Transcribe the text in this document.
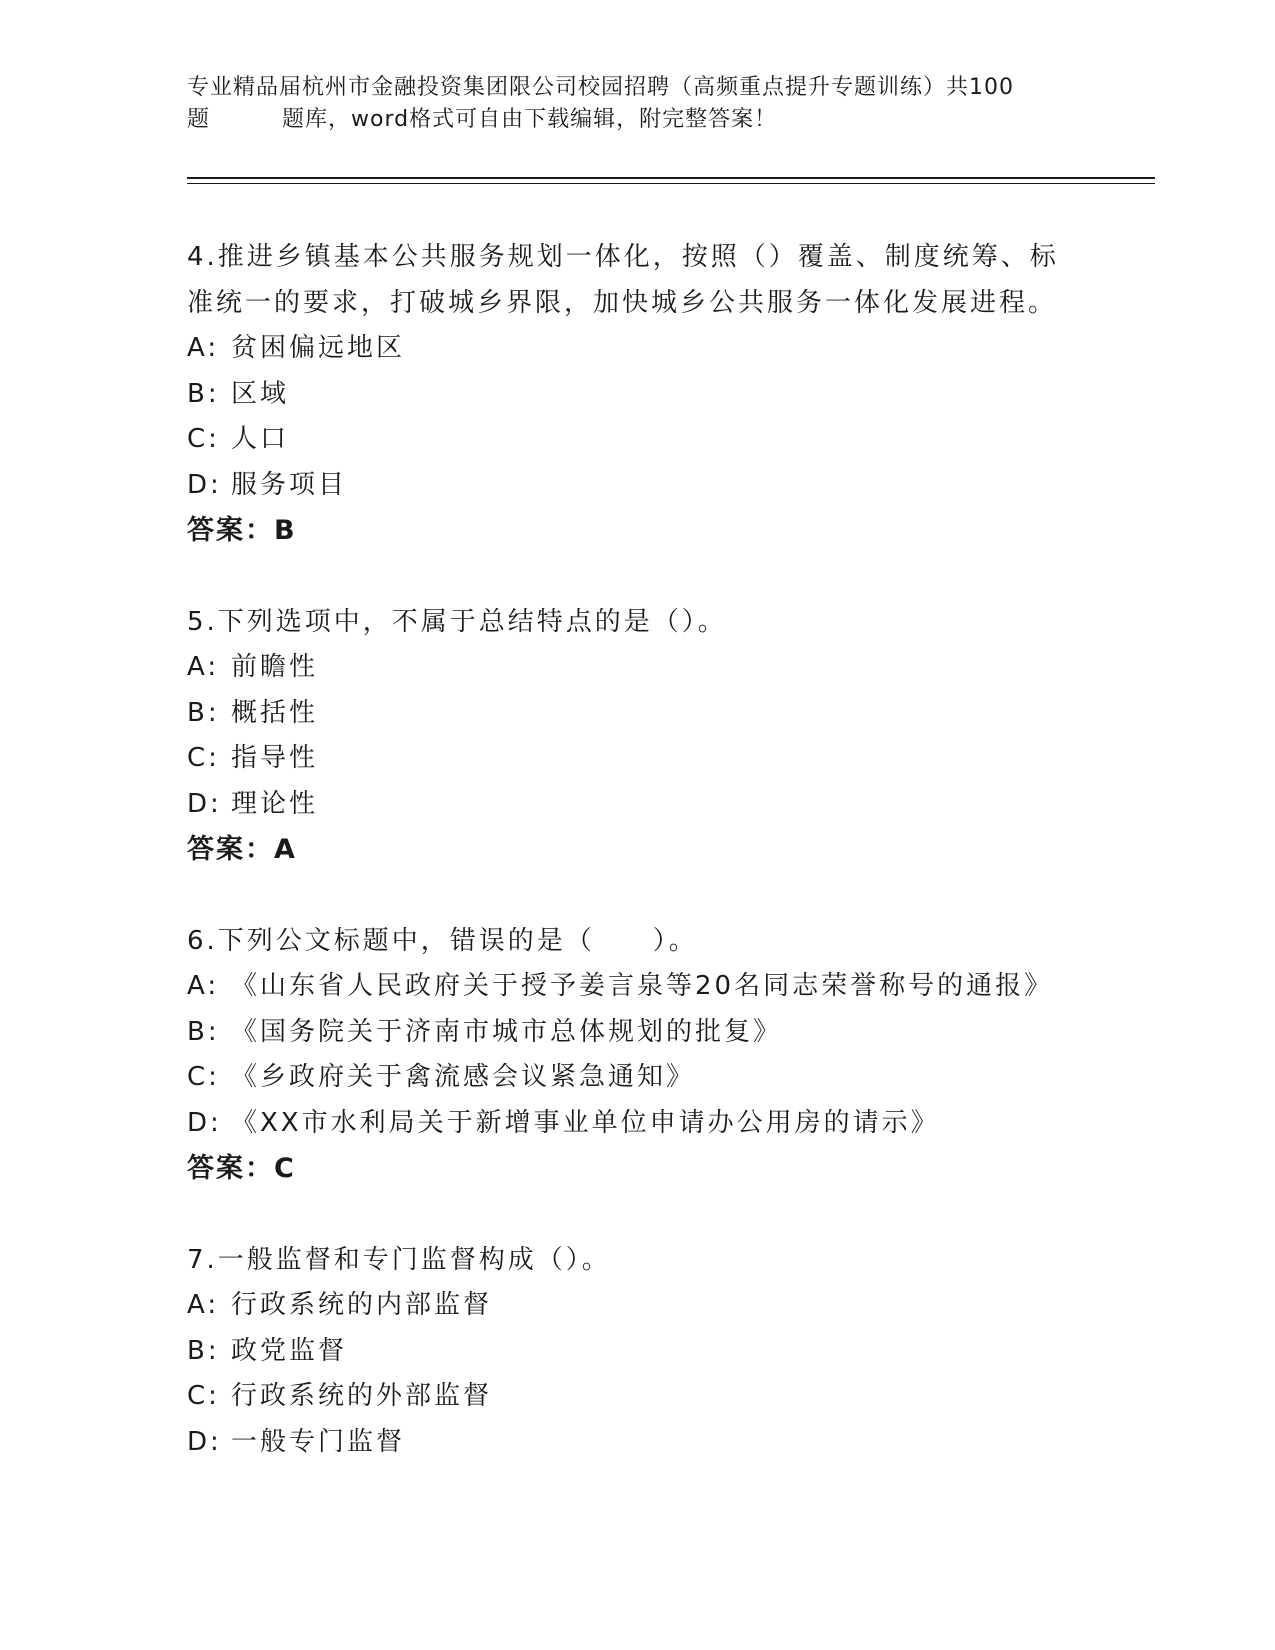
专业精品届杭州市金融投资集团限公司校园招聘（高频重点提升专题训练）共100
题	题库，word格式可自由下载编辑，附完整答案！
4.推进乡镇基本公共服务规划一体化，按照（）覆盖、制度统筹、标
准统一的要求，打破城乡界限，加快城乡公共服务一体化发展进程。
A: 贫困偏远地区
B: 区域
C: 人口
D: 服务项目
答案：B
5.下列选项中，不属于总结特点的是（）。
A: 前瞻性
B: 概括性
C: 指导性
D: 理论性
答案：A
6.下列公文标题中，错误的是（　　）。
A: 《山东省人民政府关于授予姜言泉等20名同志荣誉称号的通报》
B: 《国务院关于济南市城市总体规划的批复》
C: 《乡政府关于禽流感会议紧急通知》
D: 《XX市水利局关于新增事业单位申请办公用房的请示》
答案：C
7.一般监督和专门监督构成（）。
A: 行政系统的内部监督
B: 政党监督
C: 行政系统的外部监督
D: 一般专门监督
